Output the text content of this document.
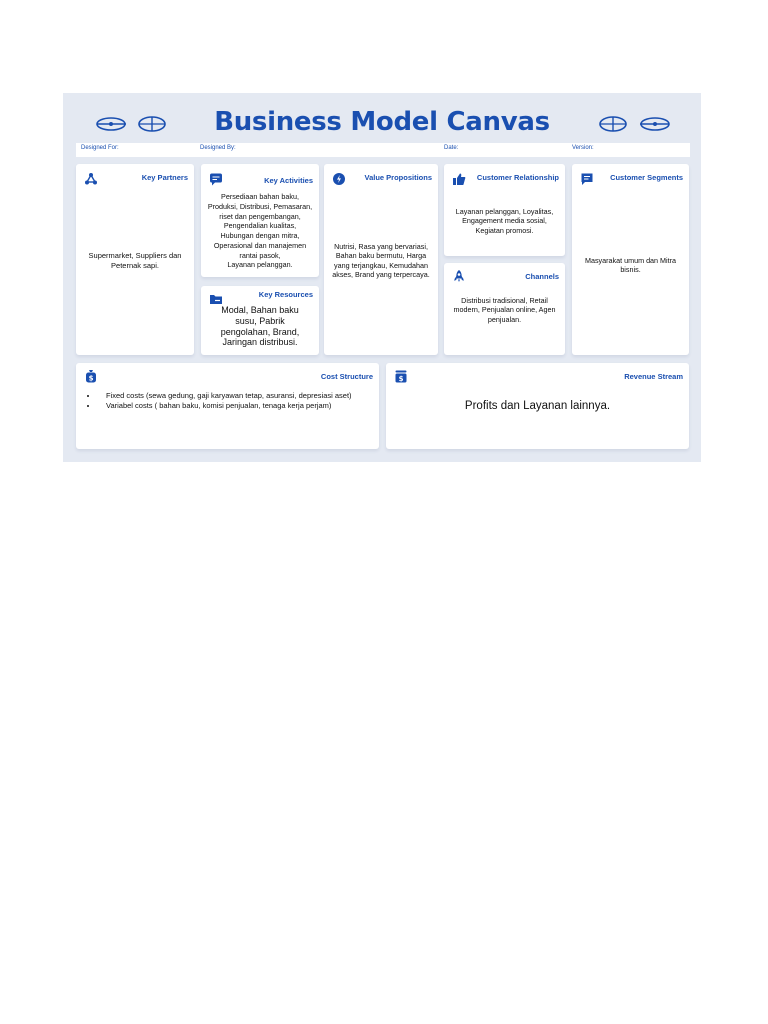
Business Model Canvas
Designed For:	Designed By:	Date:	Version:
Key Partners
Supermarket, Suppliers dan Peternak sapi.
Key Activities
Persediaan bahan baku,
Produksi, Distribusi, Pemasaran,
riset dan pengembangan,
Pengendalian kualitas,
Hubungan dengan mitra,
Operasional dan manajemen
rantai pasok,
Layanan pelanggan.
Key Resources
Modal, Bahan baku
susu, Pabrik
pengolahan, Brand,
Jaringan distribusi.
Value Propositions
Nutrisi, Rasa yang bervariasi,
Bahan baku bermutu, Harga
yang terjangkau, Kemudahan
akses, Brand yang terpercaya.
Customer Relationship
Layanan pelanggan, Loyalitas,
Engagement media sosial,
Kegiatan promosi.
Channels
Distribusi tradisional, Retail
modern, Penjualan online, Agen
penjualan.
Customer Segments
Masyarakat umum dan Mitra
bisnis.
$	Cost Structure
• Fixed costs (sewa gedung, gaji karyawan tetap, asuransi, depresiasi aset)
• Variabel costs ( bahan baku, komisi penjualan, tenaga kerja perjam)
$	Revenue Stream
Profits dan Layanan lainnya.
